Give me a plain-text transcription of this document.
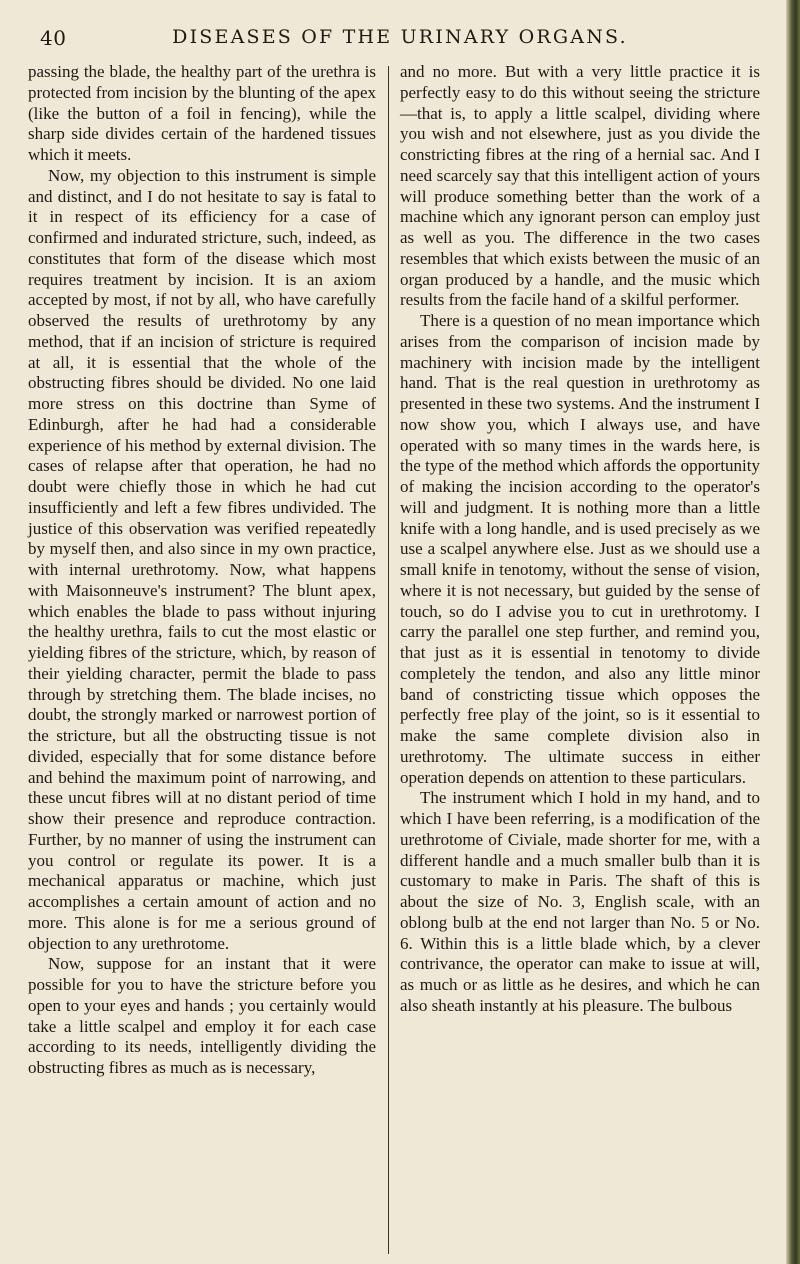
40	DISEASES OF THE URINARY ORGANS.

passing the blade, the healthy part of the urethra is protected from incision by the blunting of the apex (like the button of a foil in fencing), while the sharp side divides certain of the hardened tissues which it meets.

Now, my objection to this instrument is simple and distinct, and I do not hesitate to say is fatal to it in respect of its efficiency for a case of confirmed and indurated stricture, such, indeed, as constitutes that form of the disease which most requires treatment by incision. It is an axiom accepted by most, if not by all, who have carefully observed the results of urethrotomy by any method, that if an incision of stricture is required at all, it is essential that the whole of the obstructing fibres should be divided. No one laid more stress on this doctrine than Syme of Edinburgh, after he had had a considerable experience of his method by external division. The cases of relapse after that operation, he had no doubt were chiefly those in which he had cut insufficiently and left a few fibres undivided. The justice of this observation was verified repeatedly by myself then, and also since in my own practice, with internal urethrotomy. Now, what happens with Maisonneuve's instrument? The blunt apex, which enables the blade to pass without injuring the healthy urethra, fails to cut the most elastic or yielding fibres of the stricture, which, by reason of their yielding character, permit the blade to pass through by stretching them. The blade incises, no doubt, the strongly marked or narrowest portion of the stricture, but all the obstructing tissue is not divided, especially that for some distance before and behind the maximum point of narrowing, and these uncut fibres will at no distant period of time show their presence and reproduce contraction. Further, by no manner of using the instrument can you control or regulate its power. It is a mechanical apparatus or machine, which just accomplishes a certain amount of action and no more. This alone is for me a serious ground of objection to any urethrotome.

Now, suppose for an instant that it were possible for you to have the stricture before you open to your eyes and hands ; you certainly would take a little scalpel and employ it for each case according to its needs, intelligently dividing the obstructing fibres as much as is necessary,

and no more. But with a very little practice it is perfectly easy to do this without seeing the stricture—that is, to apply a little scalpel, dividing where you wish and not elsewhere, just as you divide the constricting fibres at the ring of a hernial sac. And I need scarcely say that this intelligent action of yours will produce something better than the work of a machine which any ignorant person can employ just as well as you. The difference in the two cases resembles that which exists between the music of an organ produced by a handle, and the music which results from the facile hand of a skilful performer.

There is a question of no mean importance which arises from the comparison of incision made by machinery with incision made by the intelligent hand. That is the real question in urethrotomy as presented in these two systems. And the instrument I now show you, which I always use, and have operated with so many times in the wards here, is the type of the method which affords the opportunity of making the incision according to the operator's will and judgment. It is nothing more than a little knife with a long handle, and is used precisely as we use a scalpel anywhere else. Just as we should use a small knife in tenotomy, without the sense of vision, where it is not necessary, but guided by the sense of touch, so do I advise you to cut in urethrotomy. I carry the parallel one step further, and remind you, that just as it is essential in tenotomy to divide completely the tendon, and also any little minor band of constricting tissue which opposes the perfectly free play of the joint, so is it essential to make the same complete division also in urethrotomy. The ultimate success in either operation depends on attention to these particulars.

The instrument which I hold in my hand, and to which I have been referring, is a modification of the urethrotome of Civiale, made shorter for me, with a different handle and a much smaller bulb than it is customary to make in Paris. The shaft of this is about the size of No. 3, English scale, with an oblong bulb at the end not larger than No. 5 or No. 6. Within this is a little blade which, by a clever contrivance, the operator can make to issue at will, as much or as little as he desires, and which he can also sheath instantly at his pleasure. The bulbous
